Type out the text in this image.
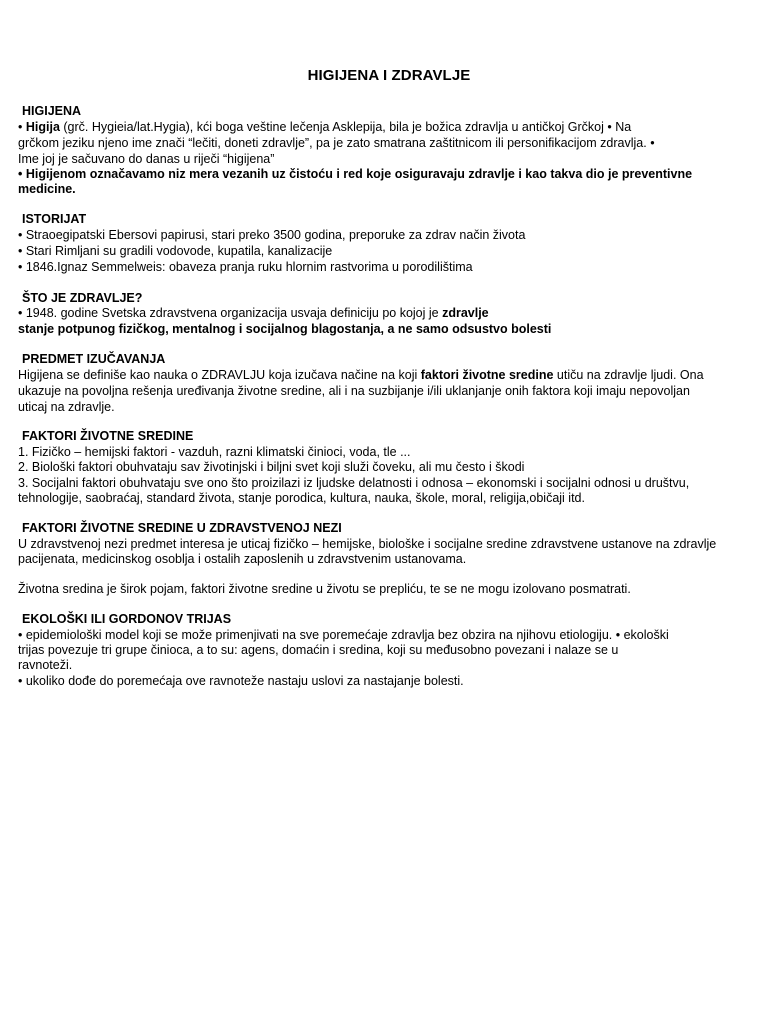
HIGIJENA I ZDRAVLJE
HIGIJENA
• Higija (grč. Hygieia/lat.Hygia), kći boga veštine lečenja Asklepija, bila je božica zdravlja u antičkoj Grčkoj • Na
grčkom jeziku njeno ime znači “lečiti, doneti zdravlje”, pa je zato smatrana zaštitnicom ili personifikacijom zdravlja. •
Ime joj je sačuvano do danas u riječi “higijena”
• Higijenom označavamo niz mera vezanih uz čistoću i red koje osiguravaju zdravlje i kao takva dio je preventivne
medicine.
ISTORIJAT
• Straoegipatski Ebersovi papirusi, stari preko 3500 godina, preporuke za zdrav način života
• Stari Rimljani su gradili vodovode, kupatila, kanalizacije
• 1846.Ignaz Semmelweis: obaveza pranja ruku hlornim rastvorima u porodilištima
ŠTO JE ZDRAVLJE?
• 1948. godine Svetska zdravstvena organizacija usvaja definiciju po kojoj je zdravlje
stanje potpunog fizičkog, mentalnog i socijalnog blagostanja, a ne samo odsustvo bolesti
PREDMET IZUČAVANJA
Higijena se definiše kao nauka o ZDRAVLJU koja izučava načine na koji faktori životne sredine utiču na zdravlje ljudi. Ona
ukazuje na povoljna rešenja uređivanja životne sredine, ali i na suzbijanje i/ili uklanjanje onih faktora koji imaju nepovoljan
uticaj na zdravlje.
FAKTORI ŽIVOTNE SREDINE
1. Fizičko – hemijski faktori - vazduh, razni klimatski činioci, voda, tle ...
2. Biološki faktori obuhvataju sav životinjski i biljni svet koji služi čoveku, ali mu često i škodi
3. Socijalni faktori obuhvataju sve ono što proizilazi iz ljudske delatnosti i odnosa – ekonomski i socijalni odnosi u društvu,
tehnologije, saobraćaj, standard života, stanje porodica, kultura, nauka, škole, moral, religija,običaji itd.
FAKTORI ŽIVOTNE SREDINE U ZDRAVSTVENOJ NEZI
U zdravstvenoj nezi predmet interesa je uticaj fizičko – hemijske, biološke i socijalne sredine zdravstvene ustanove na zdravlje
pacijenata, medicinskog osoblja i ostalih zaposlenih u zdravstvenim ustanovama.
Životna sredina je širok pojam, faktori životne sredine u životu se prepliću, te se ne mogu izolovano posmatrati.
EKOLOŠKI ILI GORDONOV TRIJAS
• epidemiološki model koji se može primenjivati na sve poremećaje zdravlja bez obzira na njihovu etiologiju. • ekološki
trijas povezuje tri grupe činioca, a to su: agens, domaćin i sredina, koji su međusobno povezani i nalaze se u
ravnoteži.
• ukoliko dođe do poremećaja ove ravnoteže nastaju uslovi za nastajanje bolesti.
